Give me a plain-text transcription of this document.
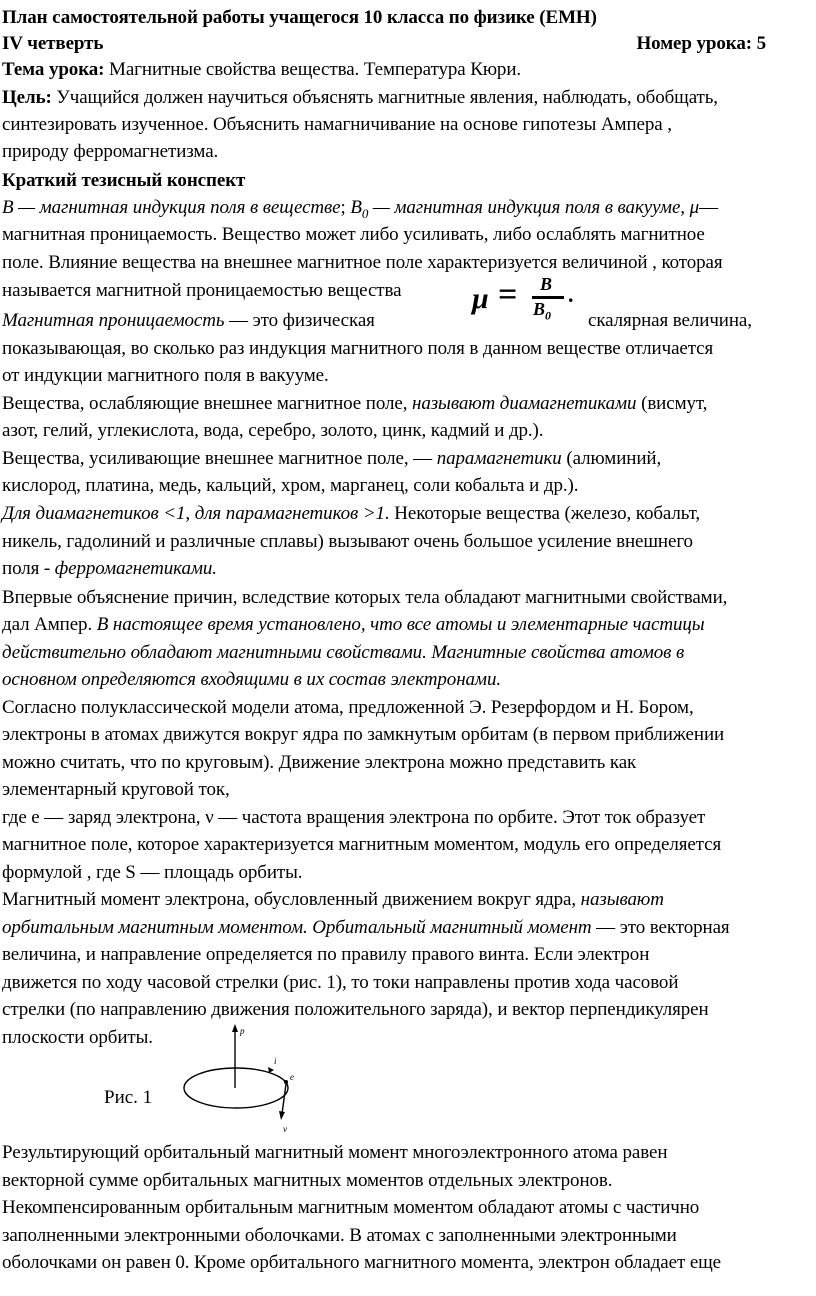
План самостоятельной работы учащегося 10 класса по физике (ЕМН)
IV четверть	Номер урока: 5
Тема урока: Магнитные свойства вещества. Температура Кюри.
Цель: Учащийся должен научиться объяснять магнитные явления, наблюдать, обобщать,
синтезировать изученное. Объяснить намагничивание на основе гипотезы Ампера ,
природу ферромагнетизма.
Краткий тезисный конспект
B — магнитная индукция поля в веществе; $B_0$ — магнитная индукция поля в вакууме, μ—
магнитная проницаемость. Вещество может либо усиливать, либо ослаблять магнитное
поле. Влияние вещества на внешнее магнитное поле характеризуется величиной , которая
называется магнитной проницаемостью вещества
Магнитная проницаемость — это физическая	скалярная величина,
показывающая, во сколько раз индукция магнитного поля в данном веществе отличается
от индукции магнитного поля в вакууме.
μ = B
$B_0$
.
Вещества, ослабляющие внешнее магнитное поле, называют диамагнетиками (висмут,
азот, гелий, углекислота, вода, серебро, золото, цинк, кадмий и др.).
Вещества, усиливающие внешнее магнитное поле, — парамагнетики (алюминий,
кислород, платина, медь, кальций, хром, марганец, соли кобальта и др.).
Для диамагнетиков <1, для парамагнетиков >1. Некоторые вещества (железо, кобальт,
никель, гадолиний и различные сплавы) вызывают очень большое усиление внешнего
поля - ферромагнетиками.
Впервые объяснение причин, вследствие которых тела обладают магнитными свойствами,
дал Ампер. В настоящее время установлено, что все атомы и элементарные частицы
действительно обладают магнитными свойствами. Магнитные свойства атомов в
основном определяются входящими в их состав электронами.
Согласно полуклассической модели атома, предложенной Э. Резерфордом и Н. Бором,
электроны в атомах движутся вокруг ядра по замкнутым орбитам (в первом приближении
можно считать, что по круговым). Движение электрона можно представить как
элементарный круговой ток,
где e — заряд электрона, ν — частота вращения электрона по орбите. Этот ток образует
магнитное поле, которое характеризуется магнитным моментом, модуль его определяется
формулой , где S — площадь орбиты.
Магнитный момент электрона, обусловленный движением вокруг ядра, называют
орбитальным магнитным моментом. Орбитальный магнитный момент — это векторная
величина, и направление определяется по правилу правого винта. Если электрон
движется по ходу часовой стрелки (рис. 1), то токи направлены против хода часовой
стрелки (по направлению движения положительного заряда), и вектор перпендикулярен
плоскости орбиты.
Рис. 1
p
i
e
v
Результирующий орбитальный магнитный момент многоэлектронного атома равен
векторной сумме орбитальных магнитных моментов отдельных электронов.
Некомпенсированным орбитальным магнитным моментом обладают атомы с частично
заполненными электронными оболочками. В атомах с заполненными электронными
оболочками он равен 0. Кроме орбитального магнитного момента, электрон обладает еще
